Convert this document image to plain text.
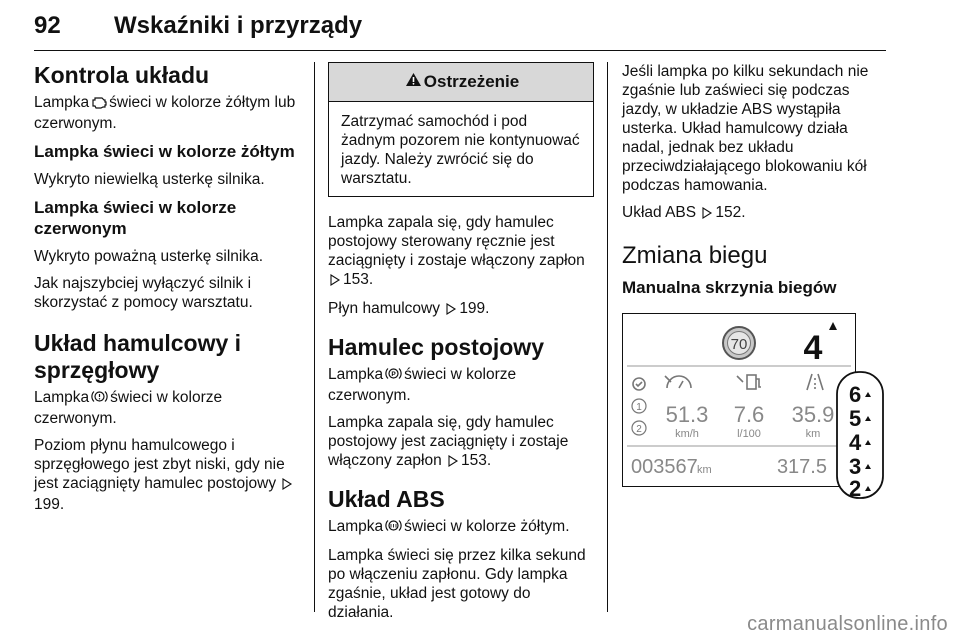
92 Wskaźniki i przyrządy
Kontrola układu
Lampka świeci w kolorze żółtym lub czerwonym.
Lampka świeci w kolorze żółtym
Wykryto niewielką usterkę silnika.
Lampka świeci w kolorze czerwonym
Wykryto poważną usterkę silnika.
Jak najszybciej wyłączyć silnik i skorzystać z pomocy warsztatu.
Układ hamulcowy i sprzęgłowy
Lampka świeci w kolorze czerwonym.
Poziom płynu hamulcowego i sprzęgłowego jest zbyt niski, gdy nie jest zaciągnięty hamulec postojowy 199.
Ostrzeżenie
Zatrzymać samochód i pod żadnym pozorem nie kontynuować jazdy. Należy zwrócić się do warsztatu.
Lampka zapala się, gdy hamulec postojowy sterowany ręcznie jest zaciągnięty i zostaje włączony zapłon 153.
Płyn hamulcowy 199.
Hamulec postojowy
Lampka P świeci w kolorze czerwonym.
Lampka zapala się, gdy hamulec postojowy jest zaciągnięty i zostaje włączony zapłon 153.
Układ ABS
Lampka świeci w kolorze żółtym.
Lampka świeci się przez kilka sekund po włączeniu zapłonu. Gdy lampka zgaśnie, układ jest gotowy do działania.
Jeśli lampka po kilku sekundach nie zgaśnie lub zaświeci się podczas jazdy, w układzie ABS wystąpiła usterka. Układ hamulcowy działa nadal, jednak bez układu przeciwdziałającego blokowaniu kół podczas hamowania.
Układ ABS 152.
Zmiana biegu
Manualna skrzynia biegów
70 4
1
2
51.3
km/h
7.6
l/100
35.9
km
003567 km	317.5
6
5
4
3
2
carmanualsonline.info
